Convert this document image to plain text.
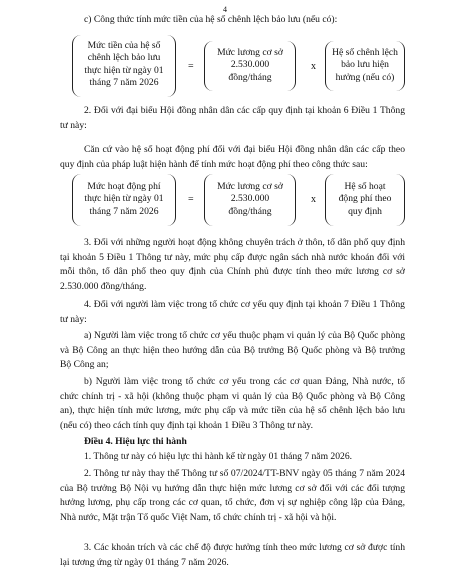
4
c) Công thức tính mức tiền của hệ số chênh lệch bảo lưu (nếu có):
Mức tiền của hệ số
chênh lệch bảo lưu
thực hiện từ ngày 01
tháng 7 năm 2026
=
Mức lương cơ sở
2.530.000
đồng/tháng
x
Hệ số chênh lệch
bảo lưu hiện
hưởng (nếu có)

2. Đối với đại biểu Hội đồng nhân dân các cấp quy định tại khoản 6 Điều 1 Thông tư này:

Căn cứ vào hệ số hoạt động phí đối với đại biểu Hội đồng nhân dân các cấp theo quy định của pháp luật hiện hành để tính mức hoạt động phí theo công thức sau:

Mức hoạt động phí
thực hiện từ ngày 01
tháng 7 năm 2026
=
Mức lương cơ sở
2.530.000
đồng/tháng
x
Hệ số hoạt
động phí theo
quy định

3. Đối với những người hoạt động không chuyên trách ở thôn, tổ dân phố quy định tại khoản 5 Điều 1 Thông tư này, mức phụ cấp được ngân sách nhà nước khoán đối với mỗi thôn, tổ dân phố theo quy định của Chính phủ được tính theo mức lương cơ sở 2.530.000 đồng/tháng.

4. Đối với người làm việc trong tổ chức cơ yếu quy định tại khoản 7 Điều 1 Thông tư này:

a) Người làm việc trong tổ chức cơ yếu thuộc phạm vi quản lý của Bộ Quốc phòng và Bộ Công an thực hiện theo hướng dẫn của Bộ trưởng Bộ Quốc phòng và Bộ trưởng Bộ Công an;

b) Người làm việc trong tổ chức cơ yếu trong các cơ quan Đảng, Nhà nước, tổ chức chính trị - xã hội (không thuộc phạm vi quản lý của Bộ Quốc phòng và Bộ Công an), thực hiện tính mức lương, mức phụ cấp và mức tiền của hệ số chênh lệch bảo lưu (nếu có) theo cách tính quy định tại khoản 1 Điều 3 Thông tư này.

Điều 4. Hiệu lực thi hành

1. Thông tư này có hiệu lực thi hành kể từ ngày 01 tháng 7 năm 2026.

2. Thông tư này thay thế Thông tư số 07/2024/TT-BNV ngày 05 tháng 7 năm 2024 của Bộ trưởng Bộ Nội vụ hướng dẫn thực hiện mức lương cơ sở đối với các đối tượng hưởng lương, phụ cấp trong các cơ quan, tổ chức, đơn vị sự nghiệp công lập của Đảng, Nhà nước, Mặt trận Tổ quốc Việt Nam, tổ chức chính trị - xã hội và hội.

3. Các khoản trích và các chế độ được hưởng tính theo mức lương cơ sở được tính lại tương ứng từ ngày 01 tháng 7 năm 2026.
